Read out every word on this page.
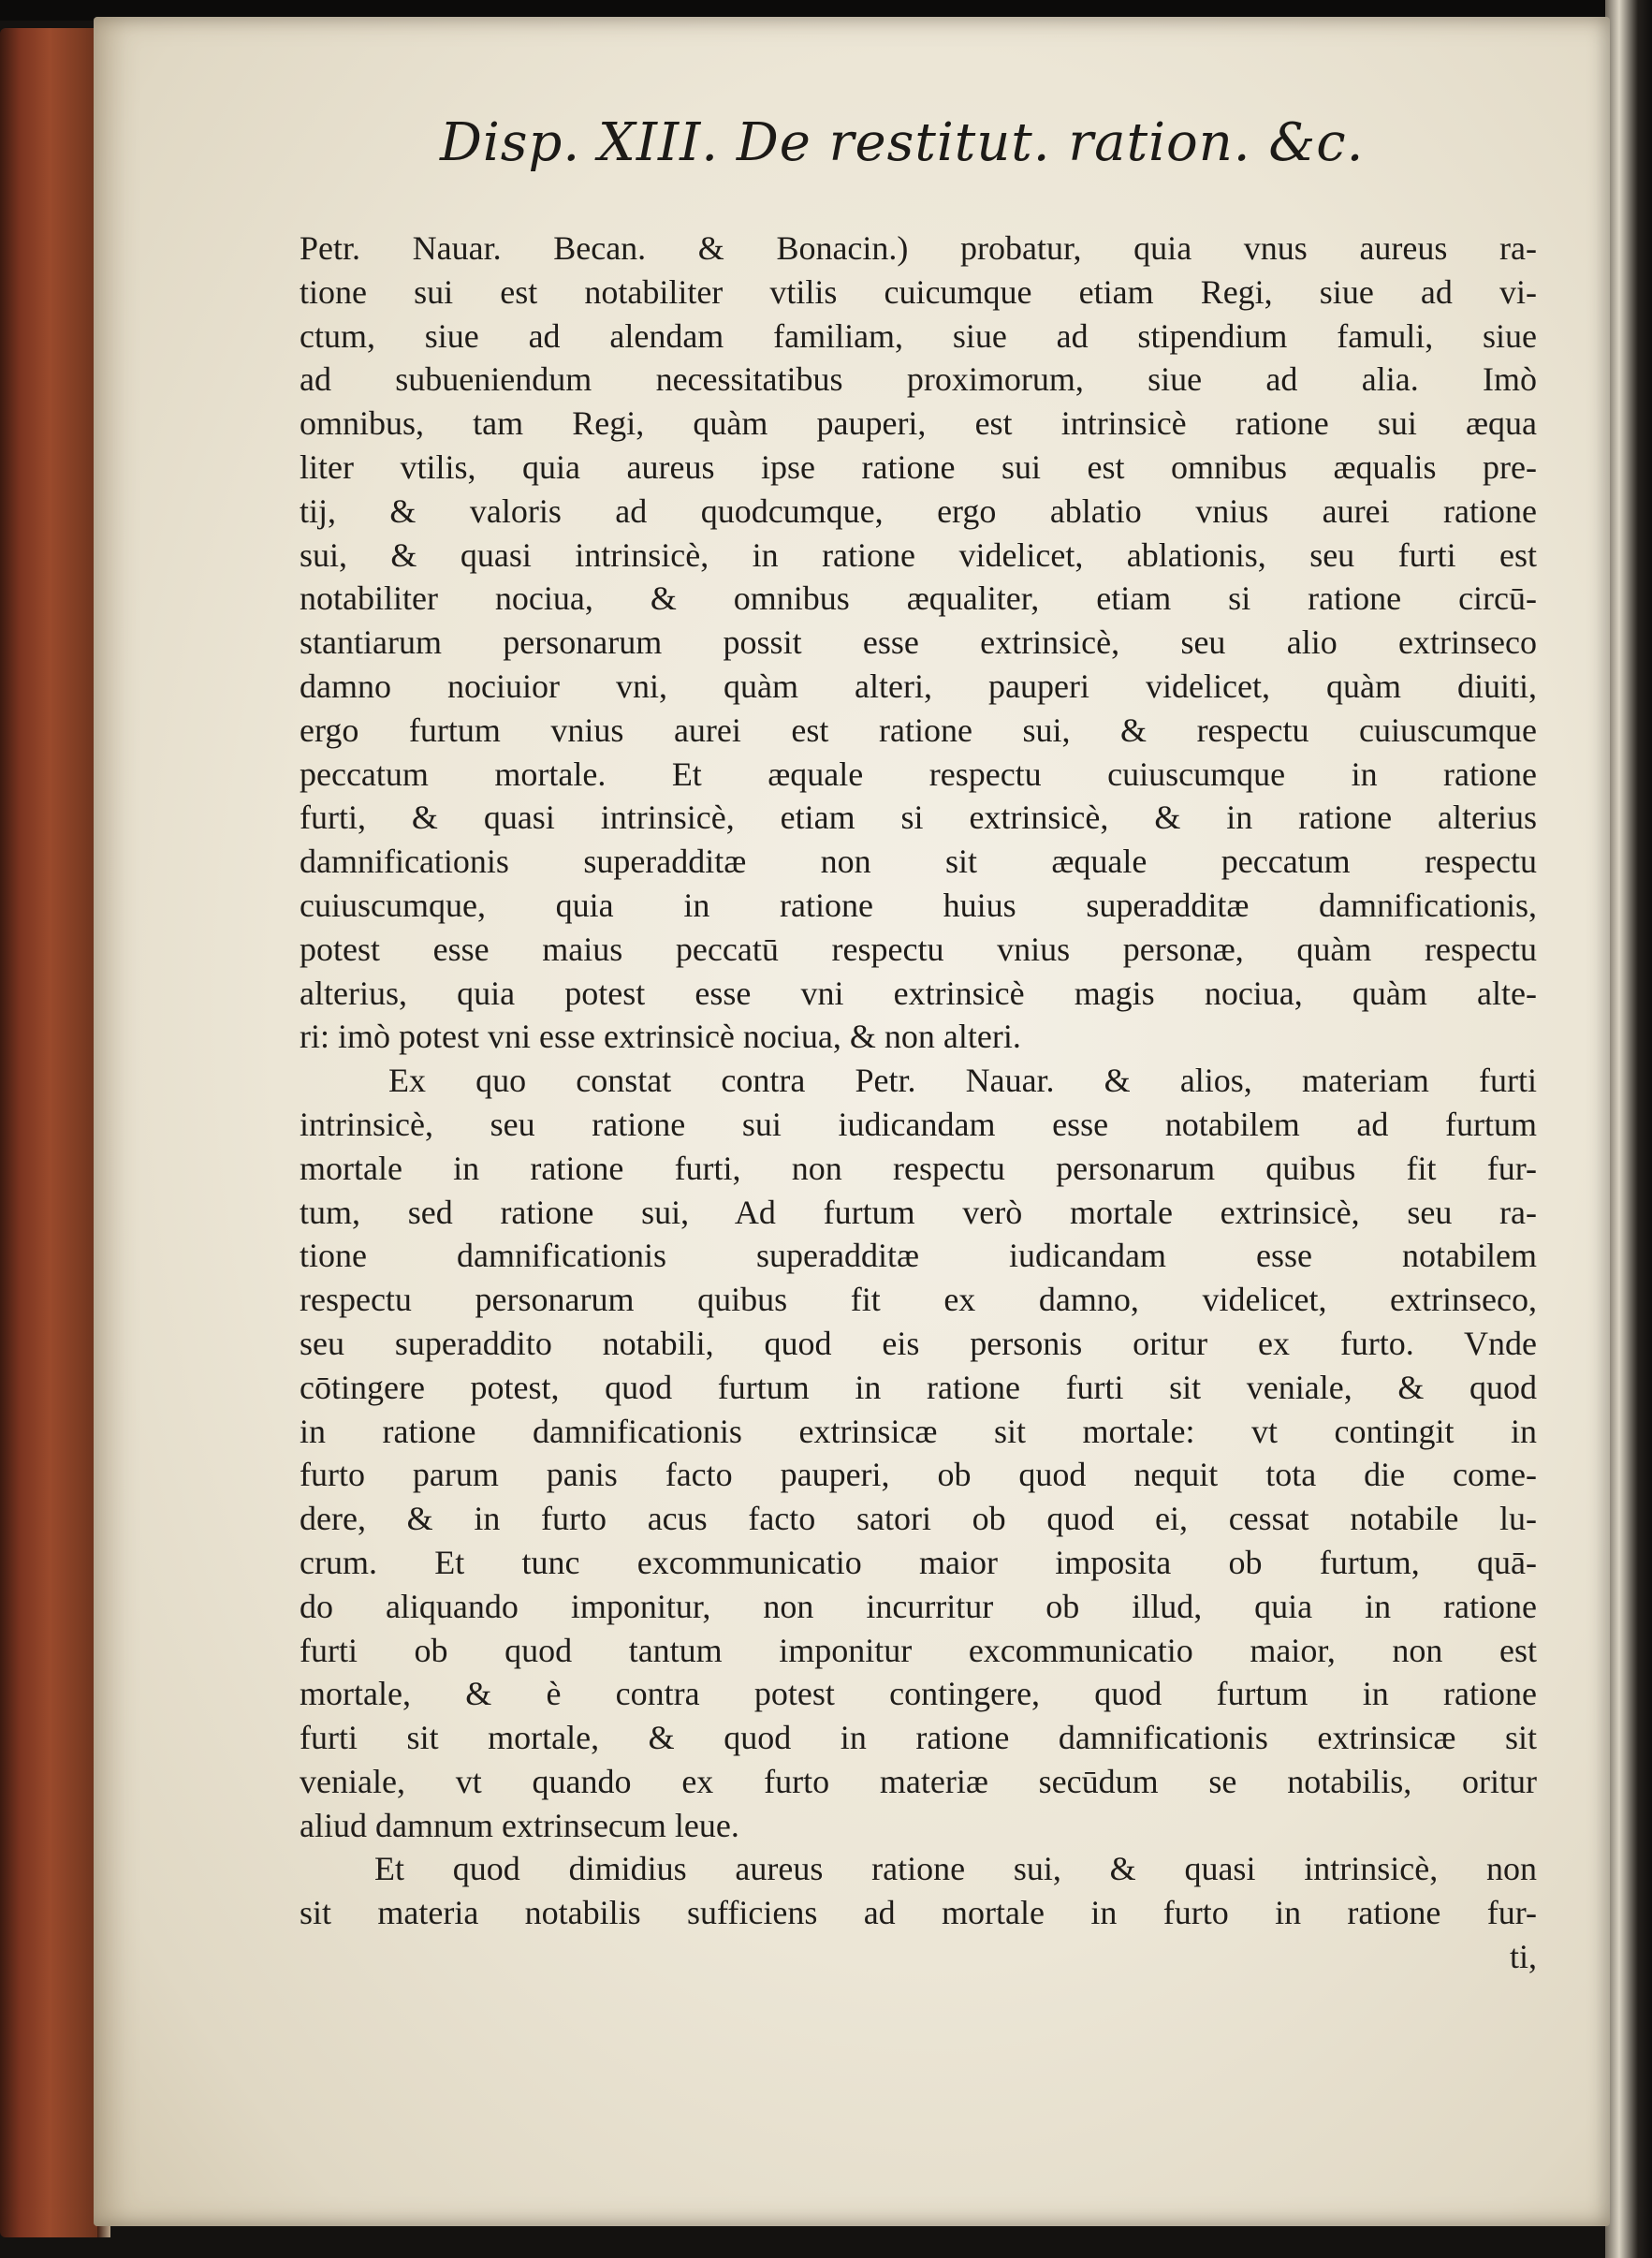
Disp. XIII. De restitut. ration. &c.
Petr. Nauar. Becan. & Bonacin.) probatur, quia vnus aureus ra-
tione sui est notabiliter vtilis cuicumque etiam Regi, siue ad vi-
ctum, siue ad alendam familiam, siue ad stipendium famuli, siue
ad subueniendum necessitatibus proximorum, siue ad alia. Imò
omnibus, tam Regi, quàm pauperi, est intrinsicè ratione sui æqua
liter vtilis, quia aureus ipse ratione sui est omnibus æqualis pre-
tij, & valoris ad quodcumque, ergo ablatio vnius aurei ratione
sui, & quasi intrinsicè, in ratione videlicet, ablationis, seu furti est
notabiliter nociua, & omnibus æqualiter, etiam si ratione circū-
stantiarum personarum possit esse extrinsicè, seu alio extrinseco
damno nociuior vni, quàm alteri, pauperi videlicet, quàm diuiti,
ergo furtum vnius aurei est ratione sui, & respectu cuiuscumque
peccatum mortale. Et æquale respectu cuiuscumque in ratione
furti, & quasi intrinsicè, etiam si extrinsicè, & in ratione alterius
damnificationis superadditæ non sit æquale peccatum respectu
cuiuscumque, quia in ratione huius superadditæ damnificationis,
potest esse maius peccatū respectu vnius personæ, quàm respectu
alterius, quia potest esse vni extrinsicè magis nociua, quàm alte-
ri: imò potest vni esse extrinsicè nociua, & non alteri.
Ex quo constat contra Petr. Nauar. & alios, materiam furti
intrinsicè, seu ratione sui iudicandam esse notabilem ad furtum
mortale in ratione furti, non respectu personarum quibus fit fur-
tum, sed ratione sui, Ad furtum verò mortale extrinsicè, seu ra-
tione damnificationis superadditæ iudicandam esse notabilem
respectu personarum quibus fit ex damno, videlicet, extrinseco,
seu superaddito notabili, quod eis personis oritur ex furto. Vnde
cōtingere potest, quod furtum in ratione furti sit veniale, & quod
in ratione damnificationis extrinsicæ sit mortale: vt contingit in
furto parum panis facto pauperi, ob quod nequit tota die come-
dere, & in furto acus facto satori ob quod ei, cessat notabile lu-
crum. Et tunc excommunicatio maior imposita ob furtum, quā-
do aliquando imponitur, non incurritur ob illud, quia in ratione
furti ob quod tantum imponitur excommunicatio maior, non est
mortale, & è contra potest contingere, quod furtum in ratione
furti sit mortale, & quod in ratione damnificationis extrinsicæ sit
veniale, vt quando ex furto materiæ secūdum se notabilis, oritur
aliud damnum extrinsecum leue.
Et quod dimidius aureus ratione sui, & quasi intrinsicè, non
sit materia notabilis sufficiens ad mortale in furto in ratione fur-
ti,
